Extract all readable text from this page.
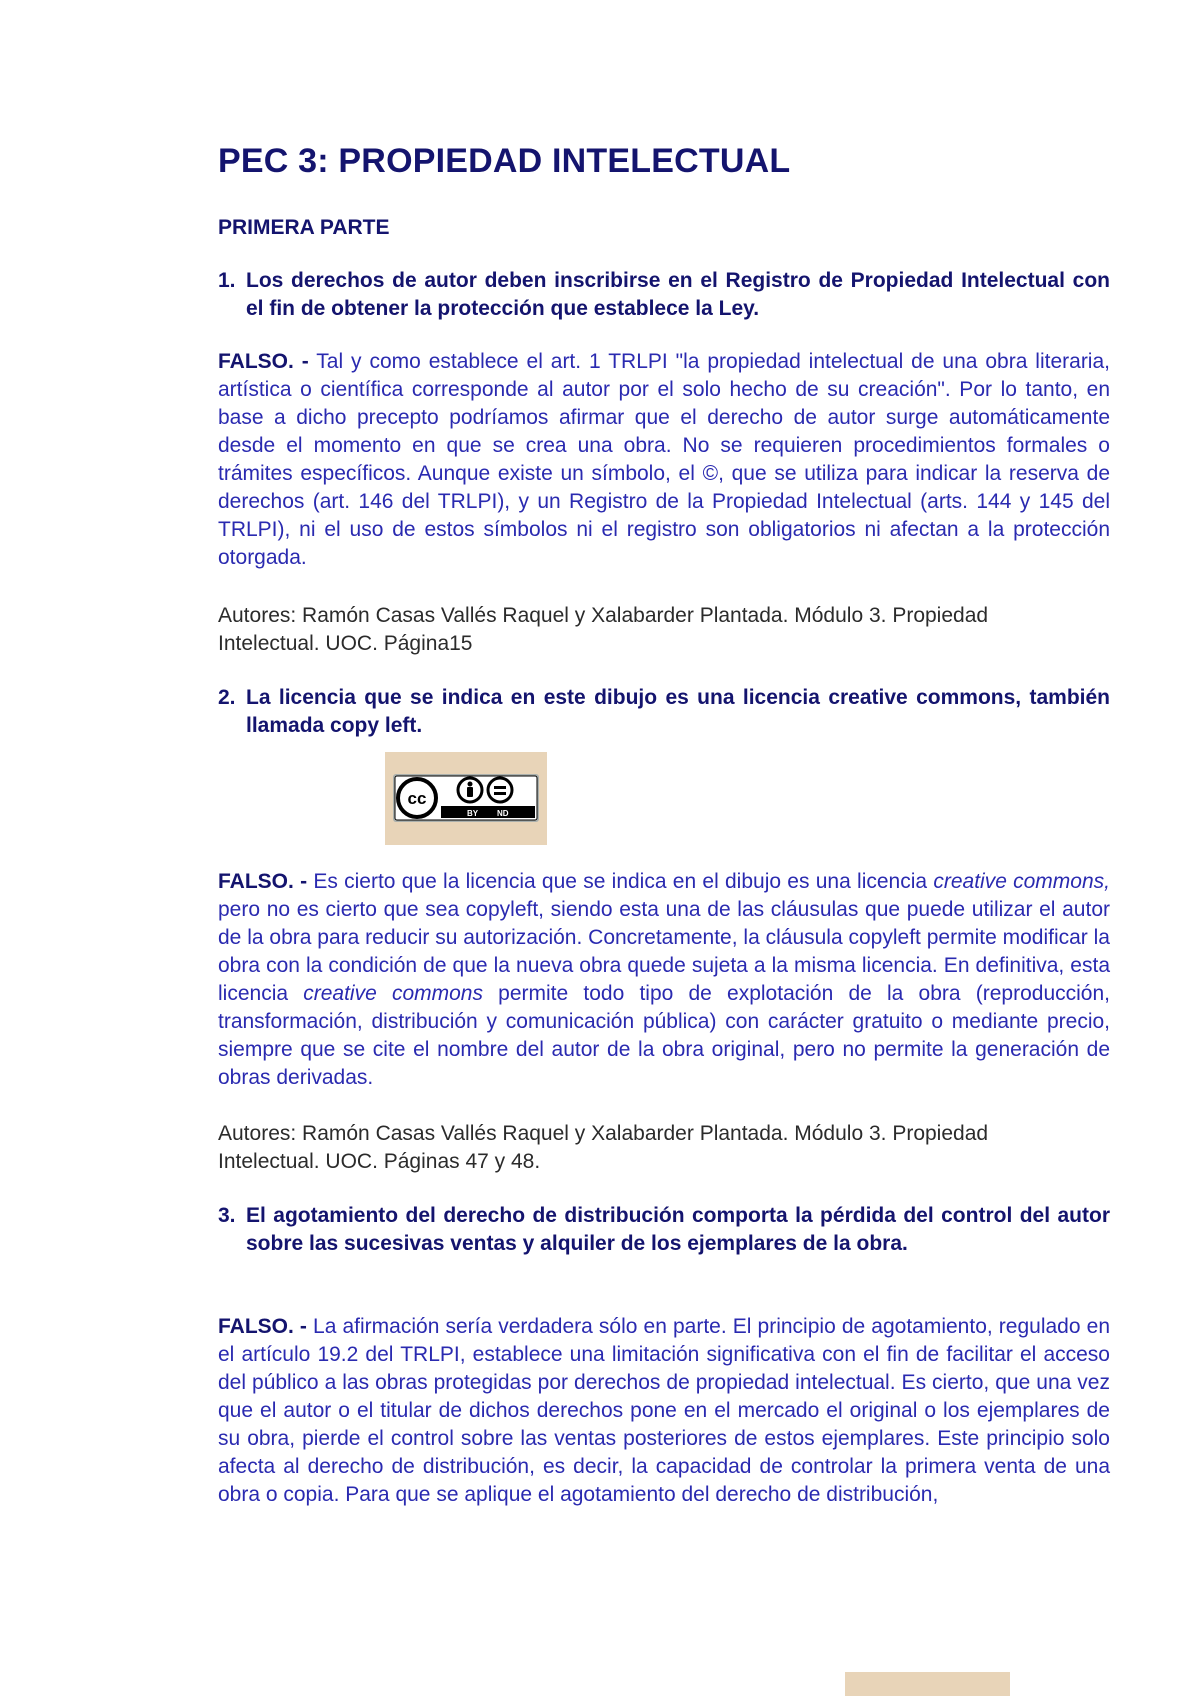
PEC 3: PROPIEDAD INTELECTUAL
PRIMERA PARTE
1. Los derechos de autor deben inscribirse en el Registro de Propiedad Intelectual con el fin de obtener la protección que establece la Ley.
FALSO. - Tal y como establece el art. 1 TRLPI "la propiedad intelectual de una obra literaria, artística o científica corresponde al autor por el solo hecho de su creación". Por lo tanto, en base a dicho precepto podríamos afirmar que el derecho de autor surge automáticamente desde el momento en que se crea una obra. No se requieren procedimientos formales o trámites específicos. Aunque existe un símbolo, el ©, que se utiliza para indicar la reserva de derechos (art. 146 del TRLPI), y un Registro de la Propiedad Intelectual (arts. 144 y 145 del TRLPI), ni el uso de estos símbolos ni el registro son obligatorios ni afectan a la protección otorgada.
Autores: Ramón Casas Vallés Raquel y Xalabarder Plantada. Módulo 3. Propiedad
Intelectual. UOC. Página15
2. La licencia que se indica en este dibujo es una licencia creative commons, también llamada copy left.
BY ND
cc
FALSO. - Es cierto que la licencia que se indica en el dibujo es una licencia creative commons, pero no es cierto que sea copyleft, siendo esta una de las cláusulas que puede utilizar el autor de la obra para reducir su autorización. Concretamente, la cláusula copyleft permite modificar la obra con la condición de que la nueva obra quede sujeta a la misma licencia. En definitiva, esta licencia creative commons permite todo tipo de explotación de la obra (reproducción, transformación, distribución y comunicación pública) con carácter gratuito o mediante precio, siempre que se cite el nombre del autor de la obra original, pero no permite la generación de obras derivadas.
Autores: Ramón Casas Vallés Raquel y Xalabarder Plantada. Módulo 3. Propiedad
Intelectual. UOC. Páginas 47 y 48.
3. El agotamiento del derecho de distribución comporta la pérdida del control del autor sobre las sucesivas ventas y alquiler de los ejemplares de la obra.
FALSO. - La afirmación sería verdadera sólo en parte. El principio de agotamiento, regulado en el artículo 19.2 del TRLPI, establece una limitación significativa con el fin de facilitar el acceso del público a las obras protegidas por derechos de propiedad intelectual. Es cierto, que una vez que el autor o el titular de dichos derechos pone en el mercado el original o los ejemplares de su obra, pierde el control sobre las ventas posteriores de estos ejemplares. Este principio solo afecta al derecho de distribución, es decir, la capacidad de controlar la primera venta de una obra o copia. Para que se aplique el agotamiento del derecho de distribución,
